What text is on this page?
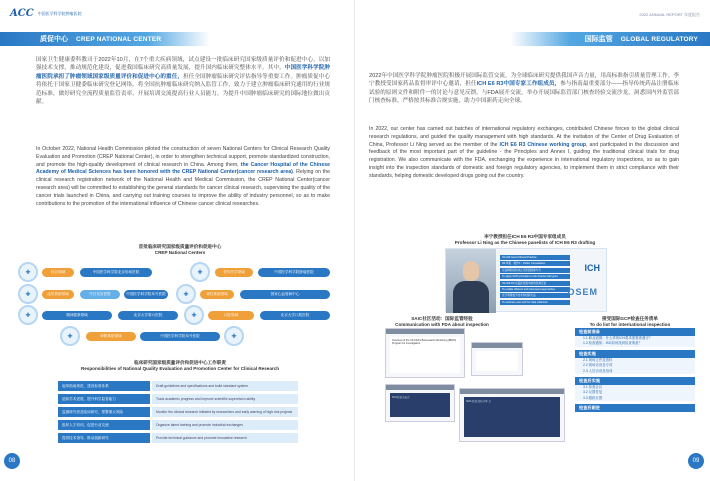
ACC 中国医学科学院肿瘤医院
质促中心 CREP NATIONAL CENTER
国家卫生健康委科教司于2022年10月，在7个重大疾病领域，试点建设一批临床研究国家级质量评价和促进中心，以加强技术支撑，推动规范化建设，促进我国临床研究高质量发展，提升国内临床研究整体水平。其中，中国医学科学院肿瘤医院承担了肿瘤领域国家级质量评价和促进中心的重任，担任全国肿瘤临床研究评估指导等重要工作。肿瘤质促中心将依托于国家卫健委临床研究登记网络，将全国抗肿瘤临床研究纳入监管工作，致力于建立肿瘤临床研究通用的行业规范标准，做好研究全流程质量监管责率，开展培训交流提高行业人员能力，为提升中国肿瘤临床研究的国际地位做出贡献。
In October 2022, National Health Commission piloted the construction of seven National Centers for Clinical Research Quality Evaluation and Promotion (CREP National Center), in order to strengthen technical support, promote standardized construction, and promote the high-quality development of clinical research in China. Among them, the Cancer Hospital of the Chinese Academy of Medical Sciences has been honored with the CREP National Center(cancer research area). Relying on the clinical research registration network of the National Health and Medical Commission, the CREP National Center(cancer research area) will be committed to establishing the general standards for cancer clinical research, supervising the quality of the cancer trials launched in China, and carrying out training courses to improve the ability of industry personnel, so as to make contributions to the promotion of the international influence of Chinese cancer clinical researches.
首批临床研究国家级质量评价和促进中心
CREP National Centers
✚	综合领域	中国医学科学院北京协和医院	✚	老年医学领域	中国医学科学院肿瘤医院
✚	泌尿系统领域	中日友好医院	中国医学科学院阜外医院	✚	神经系统领域	国家心血管病中心
✚	精神健康领域	北京大学第六医院	✚	口腔领域	北京大学口腔医院
✚	呼吸系统领域	中国医学科学院阜外医院	✚
临床研究国家级质量评价和促进中心工作职责
Responsibilities of National Quality Evaluation and Promotion Center for Clinical Research
起草指南规范，建设标准体系	Draft guidelines and specifications and build standard system
追踪学术进展，提升科学监管能力	Track academic progress and improve scientific supervision ability
监测研究者及临床研究，预警重大风险	Monitor the clinical research initiated by researchers and early warning of high-risk projects
组织人才培训，促进行业交流	Organize talent training and promote industrial exchanges
提供技术指导，推动创新研究	Provide technical guidance and promote innovative research
08
2022 ANNUAL REPORT 年度报告
国际监管 GLOBAL REGULATORY
2022年中国医学科学院肿瘤医院积极开展国际监管交流，为全球临床研究提供我国声音力量，用高标准指引质量管理工作。李宁教授受国家药品监督审评中心邀请，担任ICH E6 R3中国专家工作组成员，参与指南最重要部分——指导传统药品注册临床试验的原则文件和附件一的讨论与意见反馈。与FDA展开交流，举办开展国际监管部门核查经验交流沙龙，洞悉国内外监管部门核查标准，严格按其标准合规实施，助力中国新药走向全球。
In 2022, our center has carried out batches of international regulatory exchanges, contributed Chinese forces to the global clinical research regulations, and guided the quality management with high standards. At the invitation of the Center of Drug Evaluation of China, Professor Li Ning served as the member of the ICH E6 R3 Chinese working group, and participated in the discussion and feedback of the most important part of the guideline - the Principles and Annex I, guiding the traditional clinical trials for drug registration. We also communicate with the FDA, exchanging the experience in international regulatory inspections, so as to gain insight into the inspection standards of domestic and foreign regulatory agencies, to implement them in strict compliance with their standards, helping domestic developed drugs going out the country.
李宁教授担任ICH E6 R3中国专家组成员
Professor Li Ning as the Chinese panelists of ICH E6 R3 drafting
ICH E6 Good Clinical Practice
R3 草案（附件1）Public Consultation
以各种阶段和非正式阶段的参与方
To apply GCP principles to the diverse trial types
ICH E6 R3 在临床试验中的角色和定位
To enable efficient and risk-based approaches
充分利用数字技术和创新方法
To embrace new tech for data collection
ICH
OSEM
SAIC社区活动：国际监管经验
Communication with FDA about inspection
接受国际GCP检查任务清单
To do list for international inspection
Overview of the US FDA's Bioresearch Monitoring (BIMO) Program for Investigators
FDA检查交流会
SMA 检查 经验分享 会
检查前准备
1.1 职业道德：什么样的ICH要求需要被遵守？
1.2 检查通知：ISO如何找到检查准备？
检查实施
2.1 现场文件及资料
2.2 现场访谈及专项
2.3 人员访谈及培训
检查后实施
3.1 检查会议
3.2 反馈答复
3.3 跟踪反馈
检查后跟进
09
